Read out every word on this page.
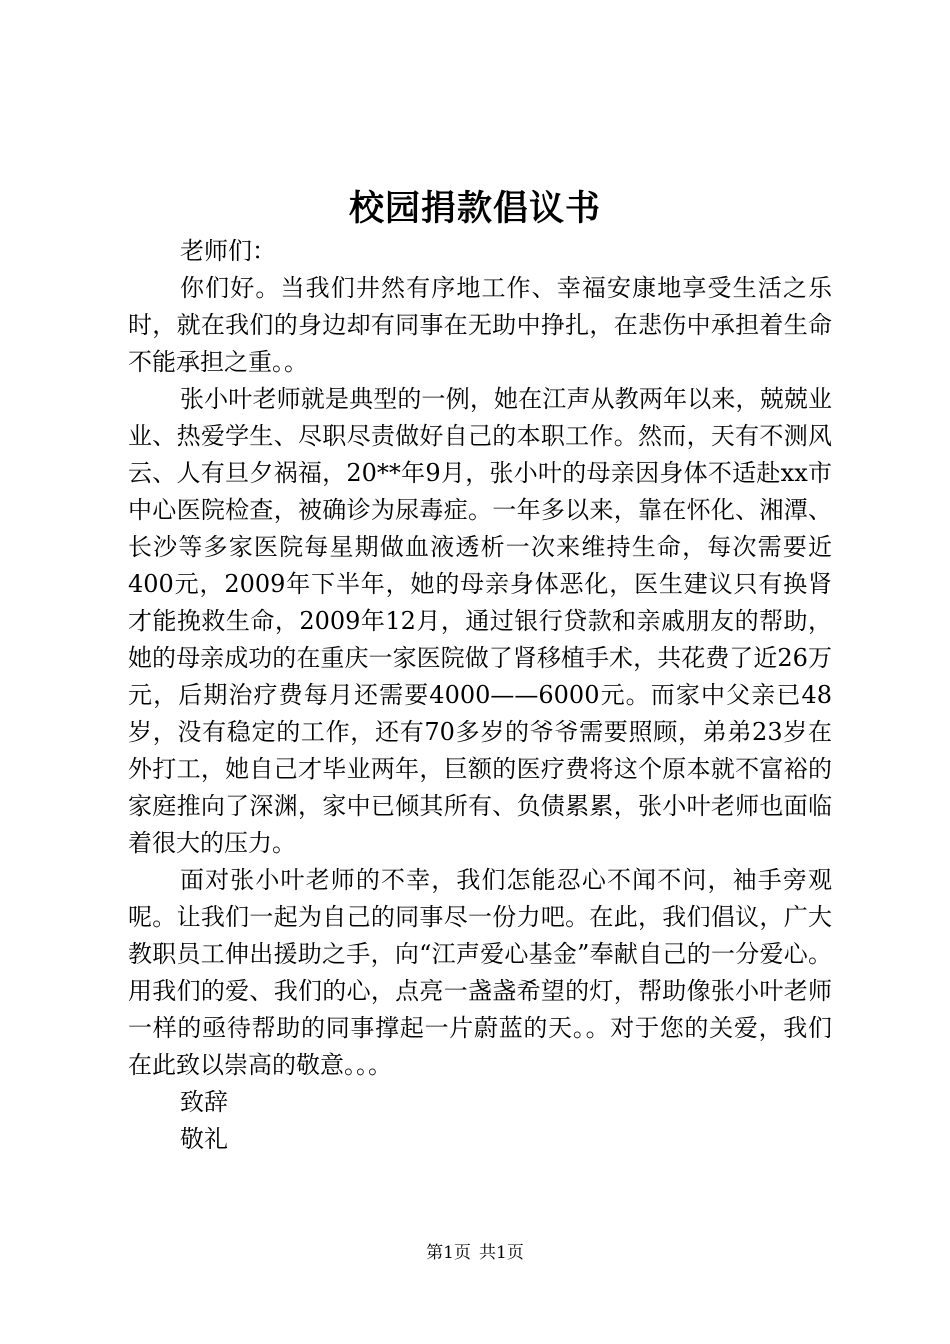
校园捐款倡议书

老师们：

你们好。当我们井然有序地工作、幸福安康地享受生活之乐时，就在我们的身边却有同事在无助中挣扎，在悲伤中承担着生命不能承担之重。。

张小叶老师就是典型的一例，她在江声从教两年以来，兢兢业业、热爱学生、尽职尽责做好自己的本职工作。然而，天有不测风云、人有旦夕祸福，20**年9月，张小叶的母亲因身体不适赴xx市中心医院检查，被确诊为尿毒症。一年多以来，靠在怀化、湘潭、长沙等多家医院每星期做血液透析一次来维持生命，每次需要近400元，2009年下半年，她的母亲身体恶化，医生建议只有换肾才能挽救生命，2009年12月，通过银行贷款和亲戚朋友的帮助，她的母亲成功的在重庆一家医院做了肾移植手术，共花费了近26万元，后期治疗费每月还需要4000——6000元。而家中父亲已48岁，没有稳定的工作，还有70多岁的爷爷需要照顾，弟弟23岁在外打工，她自己才毕业两年，巨额的医疗费将这个原本就不富裕的家庭推向了深渊，家中已倾其所有、负债累累，张小叶老师也面临着很大的压力。

面对张小叶老师的不幸，我们怎能忍心不闻不问，袖手旁观呢。让我们一起为自己的同事尽一份力吧。在此，我们倡议，广大教职员工伸出援助之手，向“江声爱心基金”奉献自己的一分爱心。用我们的爱、我们的心，点亮一盏盏希望的灯，帮助像张小叶老师一样的亟待帮助的同事撑起一片蔚蓝的天。。对于您的关爱，我们在此致以崇高的敬意。。。

致辞

敬礼

第1页 共1页
